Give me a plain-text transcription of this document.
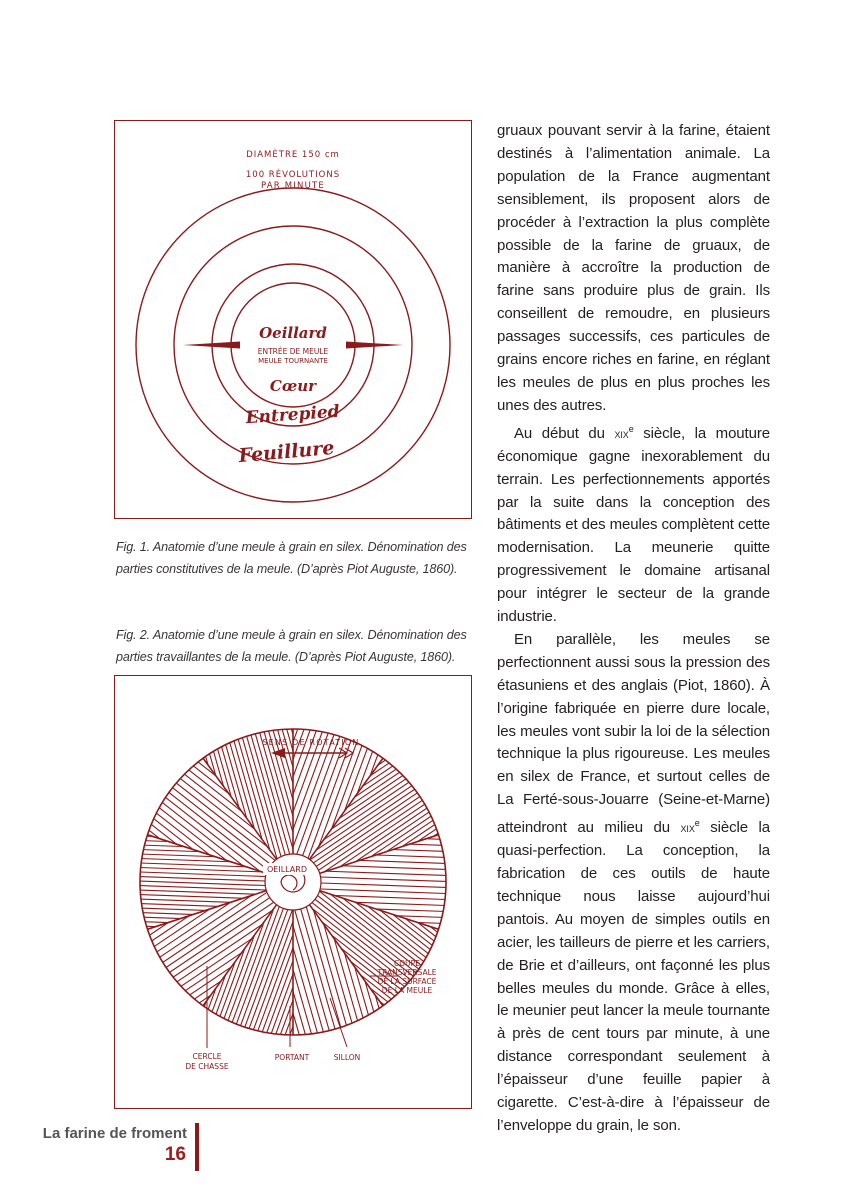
DIAMÈTRE 150 cm
100 RÉVOLUTIONS
PAR MINUTE
Oeillard
ENTRÉE DE MEULE
MEULE TOURNANTE
Cœur
Entrepied
Feuillure
Fig. 1. Anatomie d’une meule à grain en silex. Dénomination des parties constitutives de la meule. (D’après Piot Auguste, 1860).
Fig. 2. Anatomie d’une meule à grain en silex. Dénomination des parties travaillantes de la meule. (D’après Piot Auguste, 1860).
SENS DE ROTATION
OEILLARD
COUPE
TRANSVERSALE
DE LA SURFACE
DE LA MEULE
CERCLE
DE CHASSE
PORTANT	SILLON

gruaux pouvant servir à la farine, étaient destinés à l’alimentation animale. La population de la France augmentant sensiblement, ils proposent alors de procéder à l’extraction la plus complète possible de la farine de gruaux, de manière à accroître la production de farine sans produire plus de grain. Ils conseillent de remoudre, en plusieurs passages successifs, ces particules de grains encore riches en farine, en réglant les meules de plus en plus proches les unes des autres.

Au début du xix$^e$ siècle, la mouture économique gagne inexorablement du terrain. Les perfectionnements apportés par la suite dans la conception des bâtiments et des meules complètent cette modernisation. La meunerie quitte progressivement le domaine artisanal pour intégrer le secteur de la grande industrie.

En parallèle, les meules se perfectionnent aussi sous la pression des étasuniens et des anglais (Piot, 1860). À l’origine fabriquée en pierre dure locale, les meules vont subir la loi de la sélection technique la plus rigoureuse. Les meules en silex de France, et surtout celles de La Ferté-sous-Jouarre (Seine-et-Marne) atteindront au milieu du xix$^e$ siècle la quasi-perfection. La conception, la fabrication de ces outils de haute technique nous laisse aujourd’hui pantois. Au moyen de simples outils en acier, les tailleurs de pierre et les carriers, de Brie et d’ailleurs, ont façonné les plus belles meules du monde. Grâce à elles, le meunier peut lancer la meule tournante à près de cent tours par minute, à une distance correspondant seulement à l’épaisseur d’une feuille papier à cigarette. C’est-à-dire à l’épaisseur de l’enveloppe du grain, le son.

La farine de froment
16
